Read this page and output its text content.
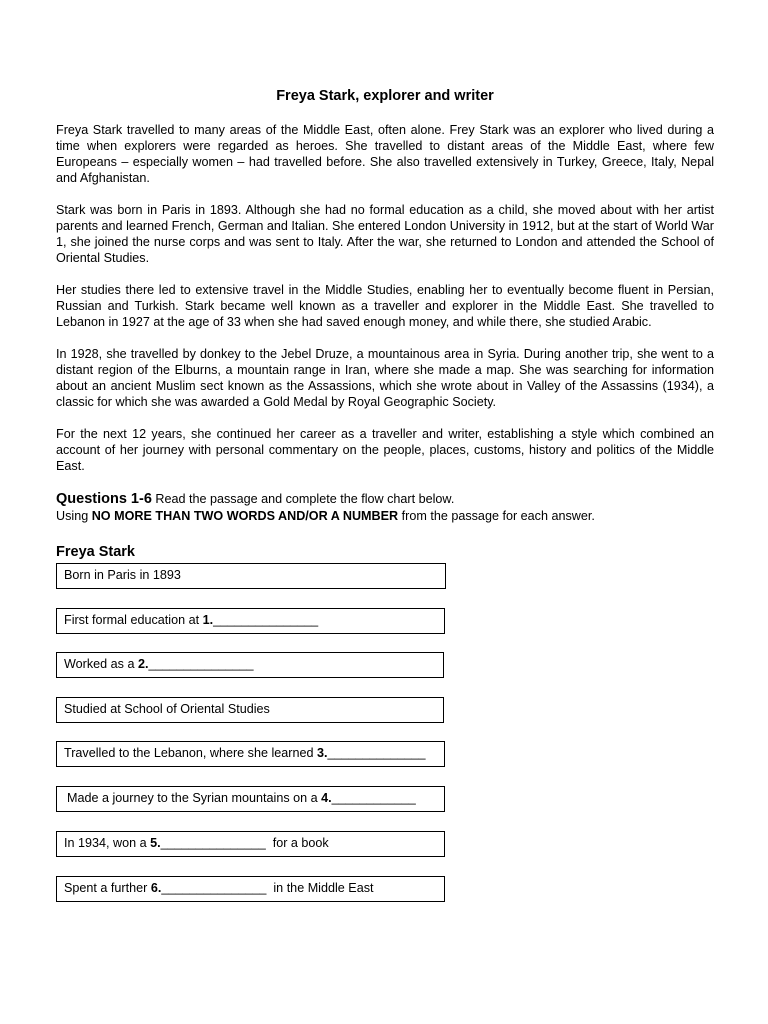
Freya Stark, explorer and writer

Freya Stark travelled to many areas of the Middle East, often alone. Frey Stark was an explorer who lived during a time when explorers were regarded as heroes. She travelled to distant areas of the Middle East, where few Europeans – especially women – had travelled before. She also travelled extensively in Turkey, Greece, Italy, Nepal and Afghanistan.

Stark was born in Paris in 1893. Although she had no formal education as a child, she moved about with her artist parents and learned French, German and Italian. She entered London University in 1912, but at the start of World War 1, she joined the nurse corps and was sent to Italy. After the war, she returned to London and attended the School of Oriental Studies.

Her studies there led to extensive travel in the Middle Studies, enabling her to eventually become fluent in Persian, Russian and Turkish. Stark became well known as a traveller and explorer in the Middle East. She travelled to Lebanon in 1927 at the age of 33 when she had saved enough money, and while there, she studied Arabic.

In 1928, she travelled by donkey to the Jebel Druze, a mountainous area in Syria. During another trip, she went to a distant region of the Elburns, a mountain range in Iran, where she made a map. She was searching for information about an ancient Muslim sect known as the Assassions, which she wrote about in Valley of the Assassins (1934), a classic for which she was awarded a Gold Medal by Royal Geographic Society.

For the next 12 years, she continued her career as a traveller and writer, establishing a style which combined an account of her journey with personal commentary on the people, places, customs, history and politics of the Middle East.

Questions 1-6 Read the passage and complete the flow chart below.
Using NO MORE THAN TWO WORDS AND/OR A NUMBER from the passage for each answer.
Freya Stark
Born in Paris in 1893
First formal education at 1._______________
Worked as a 2._______________
Studied at School of Oriental Studies
Travelled to the Lebanon, where she learned 3.______________
Made a journey to the Syrian mountains on a 4.____________
In 1934, won a 5._______________  for a book
Spent a further 6._______________  in the Middle East
